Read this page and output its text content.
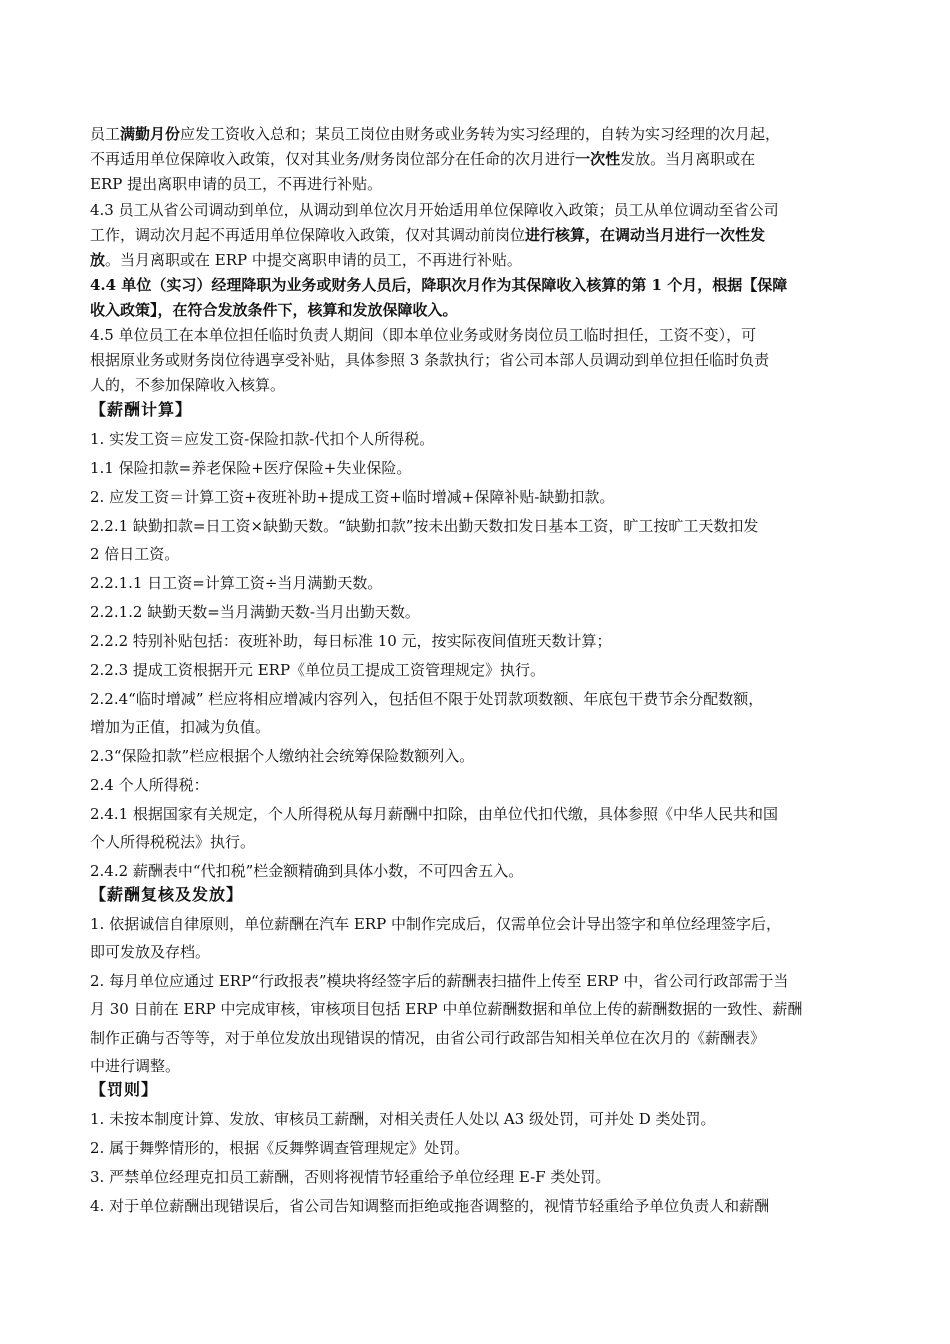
员工满勤月份应发工资收入总和；某员工岗位由财务或业务转为实习经理的，自转为实习经理的次月起，
不再适用单位保障收入政策，仅对其业务/财务岗位部分在任命的次月进行一次性发放。当月离职或在
ERP 提出离职申请的员工，不再进行补贴。
4.3 员工从省公司调动到单位，从调动到单位次月开始适用单位保障收入政策；员工从单位调动至省公司
工作，调动次月起不再适用单位保障收入政策，仅对其调动前岗位进行核算，在调动当月进行一次性发
放。当月离职或在 ERP 中提交离职申请的员工，不再进行补贴。
4.4 单位（实习）经理降职为业务或财务人员后，降职次月作为其保障收入核算的第 1 个月，根据【保障
收入政策】，在符合发放条件下，核算和发放保障收入。
4.5 单位员工在本单位担任临时负责人期间（即本单位业务或财务岗位员工临时担任，工资不变），可
根据原业务或财务岗位待遇享受补贴，具体参照 3 条款执行；省公司本部人员调动到单位担任临时负责
人的，不参加保障收入核算。
【薪酬计算】
1. 实发工资＝应发工资-保险扣款-代扣个人所得税。
1.1 保险扣款=养老保险+医疗保险+失业保险。
2. 应发工资＝计算工资+夜班补助+提成工资+临时增减+保障补贴-缺勤扣款。
2.2.1 缺勤扣款=日工资×缺勤天数。“缺勤扣款”按未出勤天数扣发日基本工资，旷工按旷工天数扣发
2 倍日工资。
2.2.1.1 日工资=计算工资÷当月满勤天数。
2.2.1.2 缺勤天数=当月满勤天数-当月出勤天数。
2.2.2 特别补贴包括：夜班补助，每日标准 10 元，按实际夜间值班天数计算；
2.2.3 提成工资根据开元 ERP《单位员工提成工资管理规定》执行。
2.2.4“临时增减” 栏应将相应增减内容列入，包括但不限于处罚款项数额、年底包干费节余分配数额，
增加为正值，扣减为负值。
2.3“保险扣款”栏应根据个人缴纳社会统筹保险数额列入。
2.4 个人所得税：
2.4.1 根据国家有关规定，个人所得税从每月薪酬中扣除，由单位代扣代缴，具体参照《中华人民共和国
个人所得税税法》执行。
2.4.2 薪酬表中“代扣税”栏金额精确到具体小数，不可四舍五入。
【薪酬复核及发放】
1. 依据诚信自律原则，单位薪酬在汽车 ERP 中制作完成后，仅需单位会计导出签字和单位经理签字后，
即可发放及存档。
2. 每月单位应通过 ERP“行政报表”模块将经签字后的薪酬表扫描件上传至 ERP 中，省公司行政部需于当
月 30 日前在 ERP 中完成审核，审核项目包括 ERP 中单位薪酬数据和单位上传的薪酬数据的一致性、薪酬
制作正确与否等等，对于单位发放出现错误的情况，由省公司行政部告知相关单位在次月的《薪酬表》
中进行调整。
【罚则】
1. 未按本制度计算、发放、审核员工薪酬，对相关责任人处以 A3 级处罚，可并处 D 类处罚。
2. 属于舞弊情形的，根据《反舞弊调查管理规定》处罚。
3. 严禁单位经理克扣员工薪酬，否则将视情节轻重给予单位经理 E-F 类处罚。
4. 对于单位薪酬出现错误后，省公司告知调整而拒绝或拖沓调整的，视情节轻重给予单位负责人和薪酬
